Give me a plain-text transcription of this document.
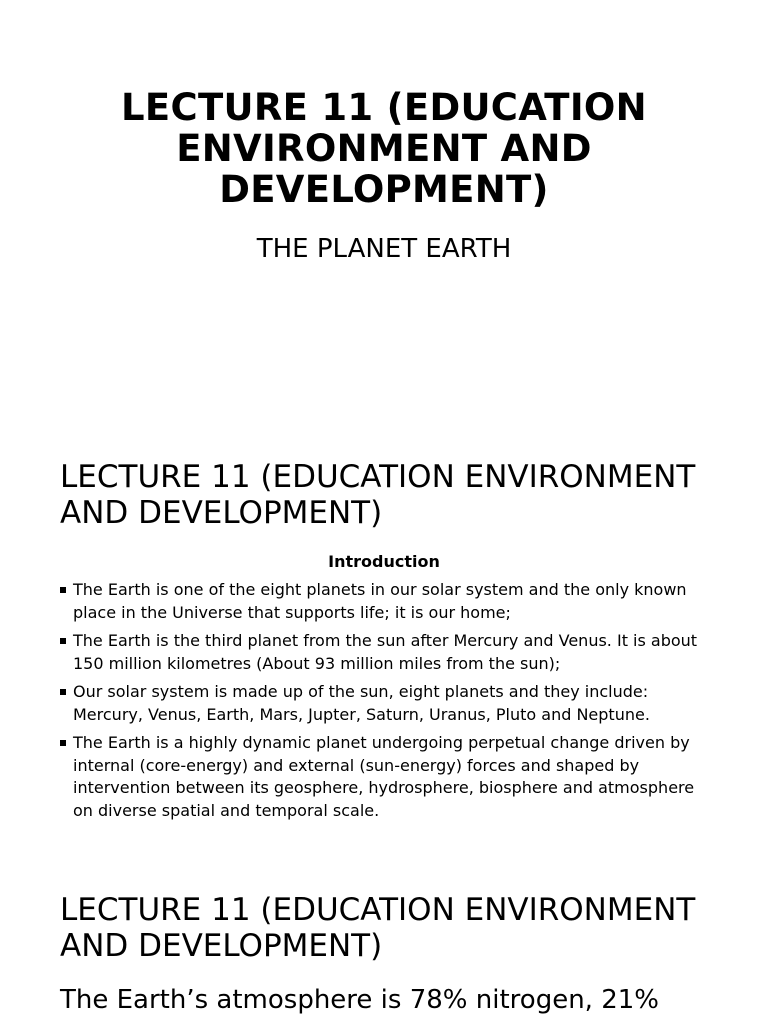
LECTURE 11 (EDUCATION ENVIRONMENT AND DEVELOPMENT)

THE PLANET EARTH

LECTURE 11 (EDUCATION ENVIRONMENT AND DEVELOPMENT)

Introduction

The Earth is one of the eight planets in our solar system and the only known place in the Universe that supports life; it is our home;
The Earth is the third planet from the sun after Mercury and Venus. It is about 150 million kilometres (About 93 million miles from the sun);
Our solar system is made up of the sun, eight planets and they include: Mercury, Venus, Earth, Mars, Jupter, Saturn, Uranus, Pluto and Neptune.
The Earth is a highly dynamic planet undergoing perpetual change driven by internal (core-energy) and external (sun-energy) forces and shaped by intervention between its geosphere, hydrosphere, biosphere and atmosphere on diverse spatial and temporal scale.
LECTURE 11 (EDUCATION ENVIRONMENT AND DEVELOPMENT)

The Earth’s atmosphere is 78% nitrogen, 21%
